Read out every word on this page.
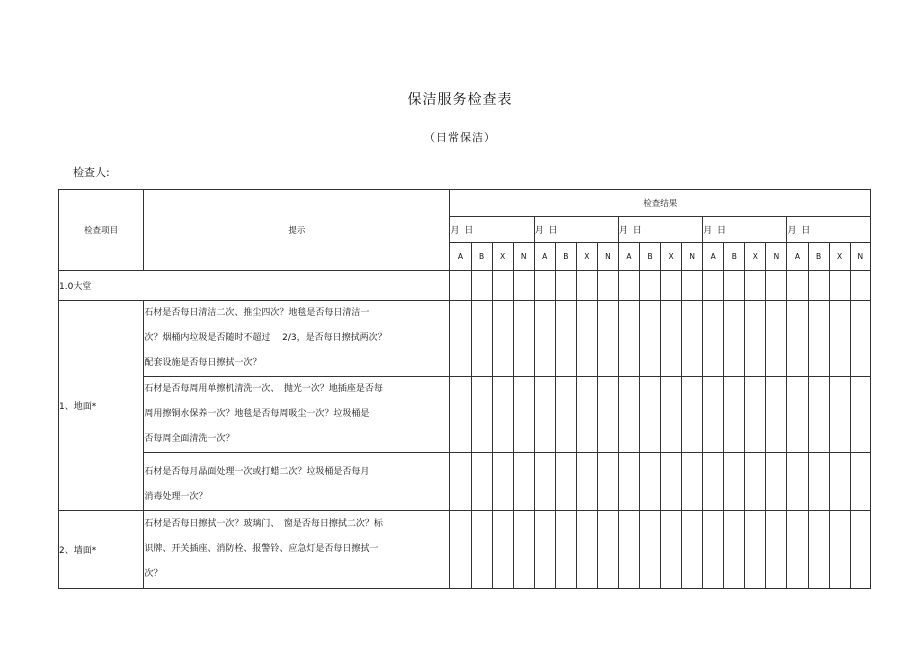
保洁服务检查表
（日常保洁）
检查人:
检查项目	提示	检查结果																			
		月 日				月 日				月 日				月 日				月 日			
		A	B	X	N	A	B	X	N	A	B	X	N	A	B	X	N	A	B	X	N
1.0大堂																					
1、地面*	石材是否每日清洁二次、推尘四次？地毯是否每日清洁一
次？烟桶内垃圾是否随时不超过　 2/3，是否每日擦拭两次？
配套设施是否每日擦拭一次？																				

	石材是否每周用单擦机清洗一次、　抛光一次？地插座是否每
周用擦铜水保养一次？地毯是否每周吸尘一次？垃圾桶是
否每周全面清洗一次？																				

	石材是否每月晶面处理一次或打蜡二次？垃圾桶是否每月
消毒处理一次？																				

2、墙面*	石材是否每日擦拭一次？玻璃门、　窗是否每日擦拭二次？标
识牌、开关插座、消防栓、报警铃、应急灯是否每日擦拭一
次？																				
